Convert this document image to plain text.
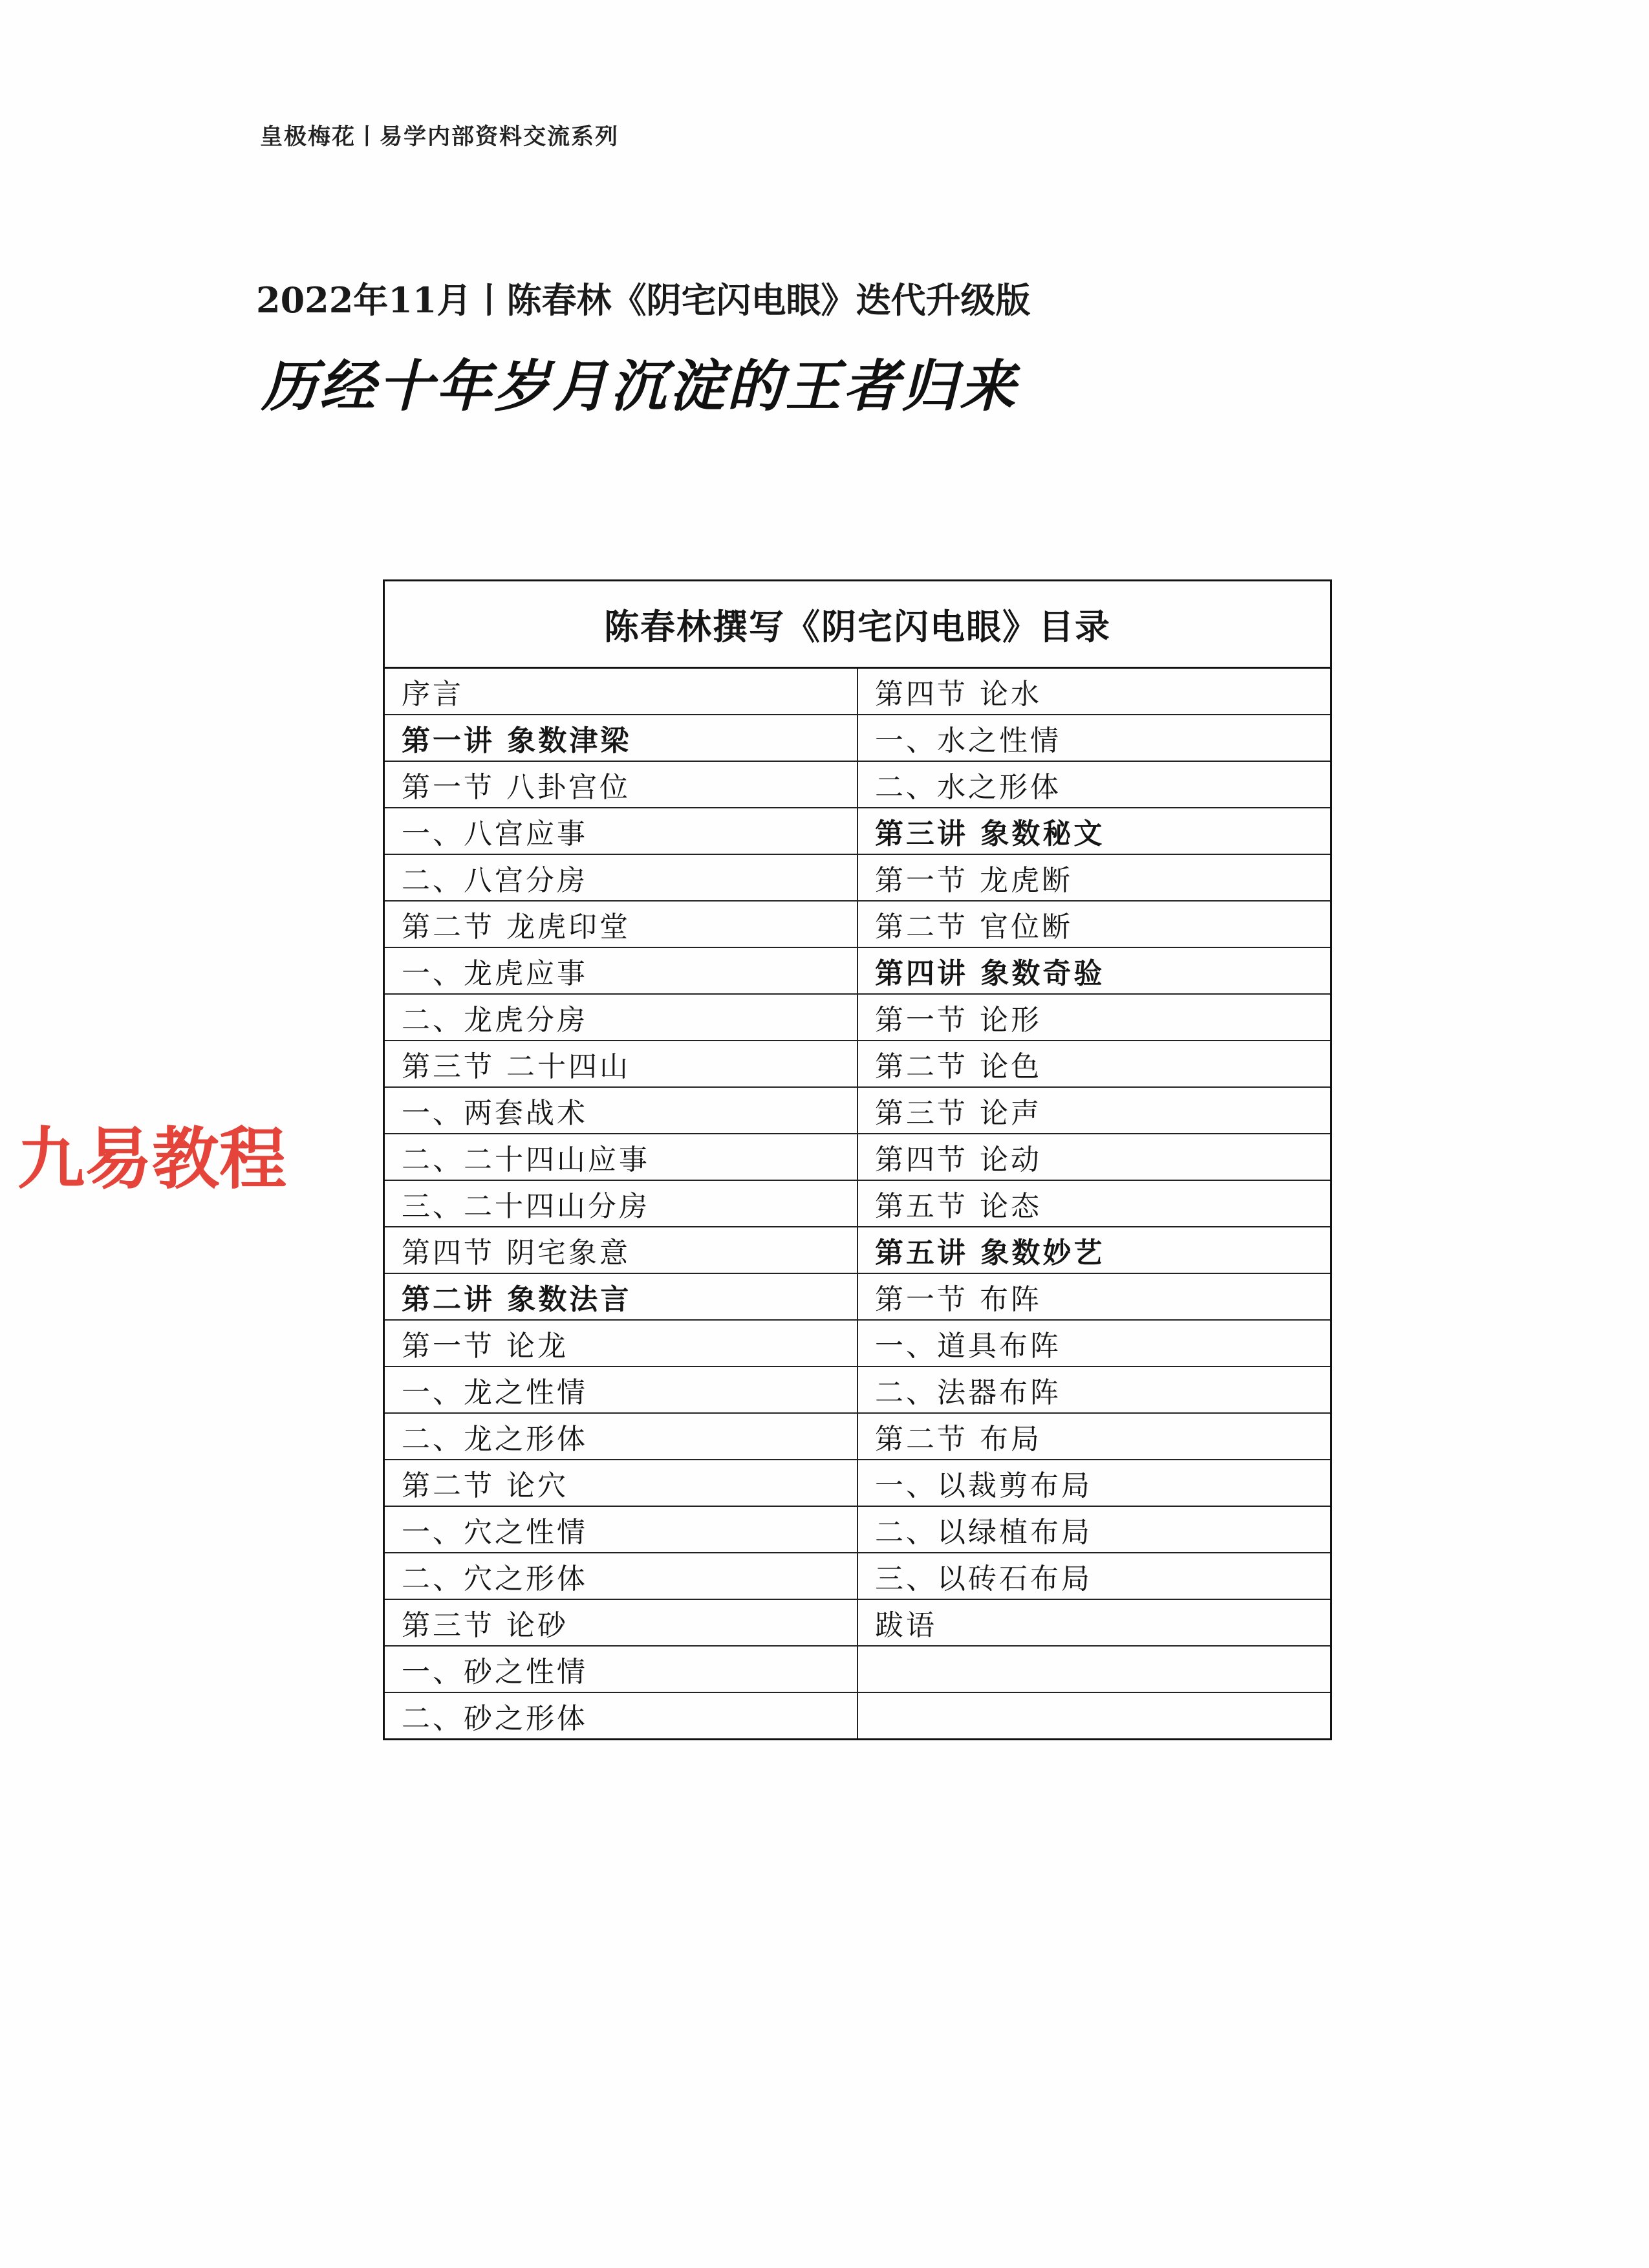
皇极梅花丨易学内部资料交流系列
2022年11月丨陈春林《阴宅闪电眼》迭代升级版
历经十年岁月沉淀的王者归来
九易教程
陈春林撰写《阴宅闪电眼》目录	
序言	第四节 论水
第一讲 象数津梁	一、水之性情
第一节 八卦宫位	二、水之形体
一、八宫应事	第三讲 象数秘文
二、八宫分房	第一节 龙虎断
第二节 龙虎印堂	第二节 官位断
一、龙虎应事	第四讲 象数奇验
二、龙虎分房	第一节 论形
第三节 二十四山	第二节 论色
一、两套战术	第三节 论声
二、二十四山应事	第四节 论动
三、二十四山分房	第五节 论态
第四节 阴宅象意	第五讲 象数妙艺
第二讲 象数法言	第一节 布阵
第一节 论龙	一、道具布阵
一、龙之性情	二、法器布阵
二、龙之形体	第二节 布局
第二节 论穴	一、以裁剪布局
一、穴之性情	二、以绿植布局
二、穴之形体	三、以砖石布局
第三节 论砂	跋语
一、砂之性情	
二、砂之形体	
